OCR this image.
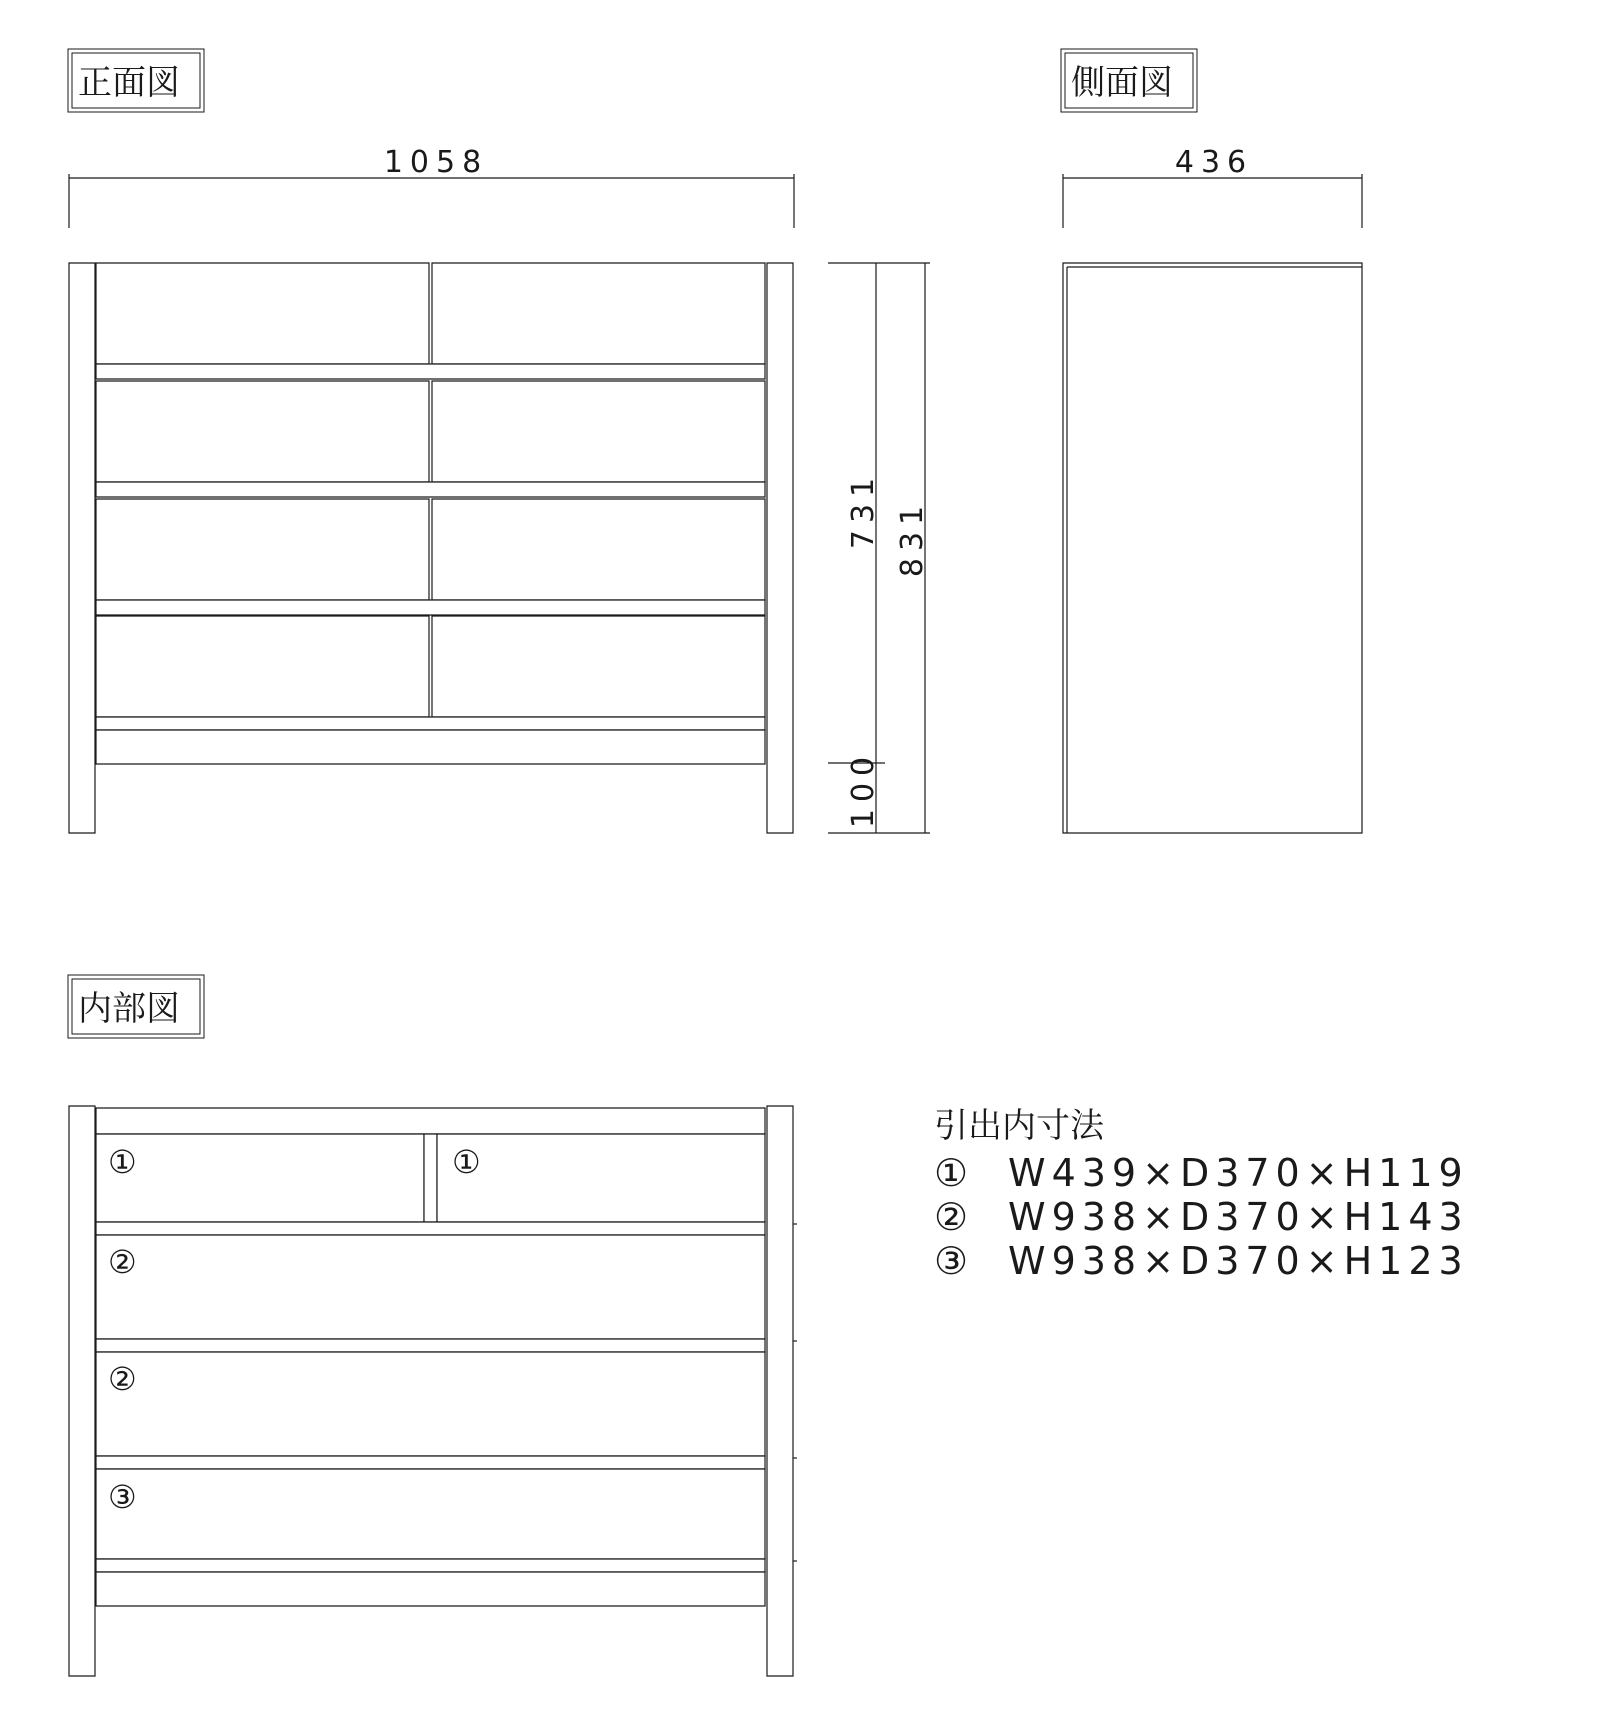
正面図
1058
731 831
100
側面図
436
内部図
①	①
②
②
③
引出内寸法
① W439×D370×H119
② W938×D370×H143
③ W938×D370×H123
